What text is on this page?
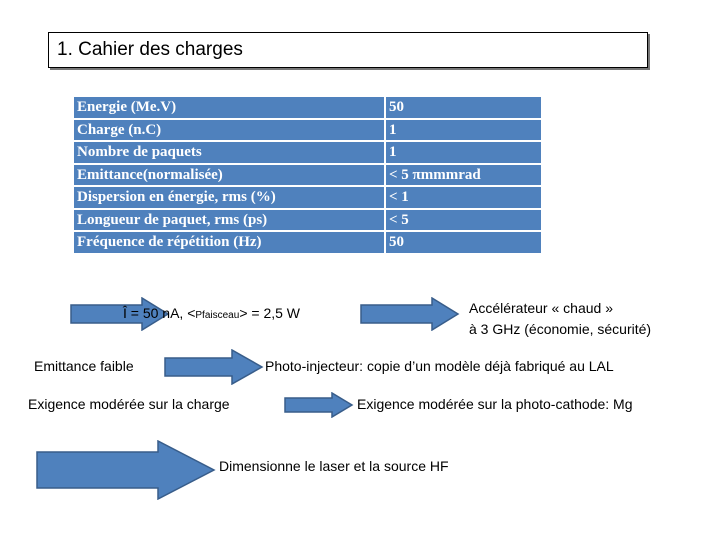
1. Cahier des charges
Energie (Me.V)	50
Charge (n.C)	1
Nombre de paquets	1
Emittance(normalisée)	< 5 πmmmrad
Dispersion en énergie, rms (%)	< 1
Longueur de paquet, rms (ps)	< 5
Fréquence de répétition (Hz)	50
Î = 50 nA, <Pfaisceau> = 2,5 W	Accélérateur « chaud »
à 3 GHz (économie, sécurité)
Emittance faible	Photo-injecteur: copie d’un modèle déjà fabriqué au LAL
Exigence modérée sur la charge	Exigence modérée sur la photo-cathode: Mg
Dimensionne le laser et la source HF
